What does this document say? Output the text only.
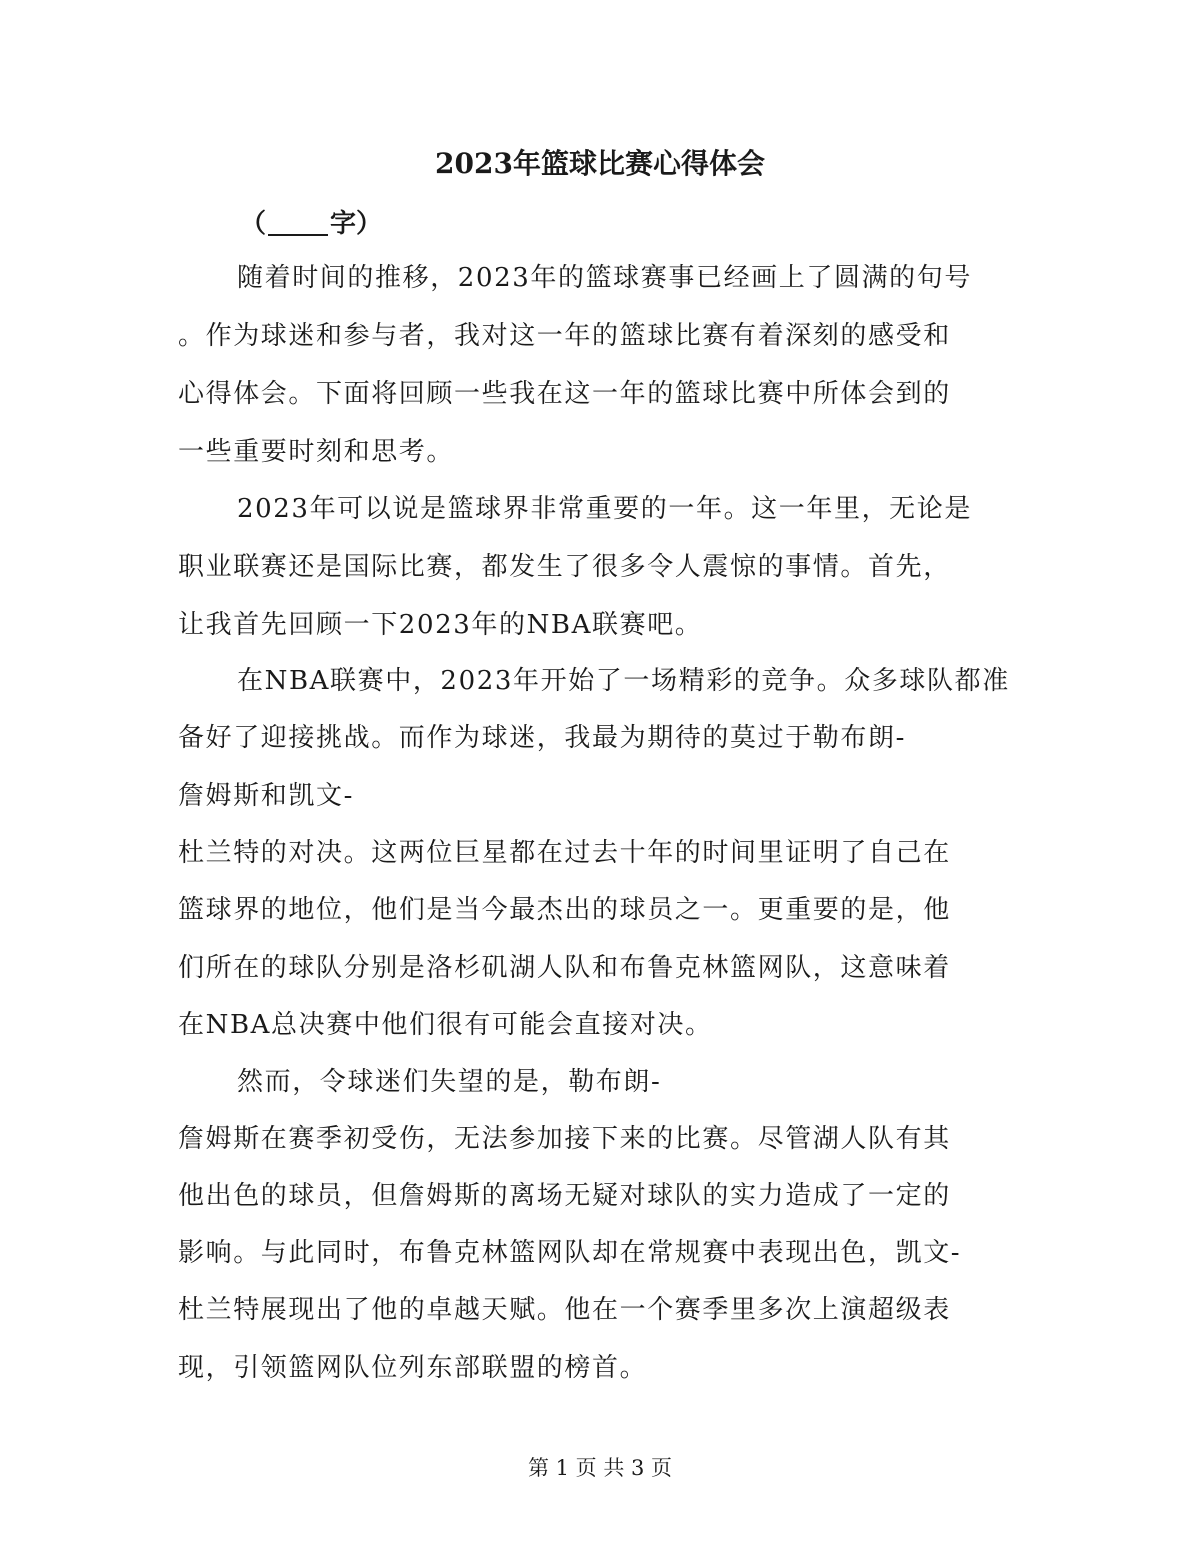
2023年篮球比赛心得体会
（ 字）

随着时间的推移，2023年的篮球赛事已经画上了圆满的句号

。作为球迷和参与者，我对这一年的篮球比赛有着深刻的感受和

心得体会。下面将回顾一些我在这一年的篮球比赛中所体会到的

一些重要时刻和思考。

2023年可以说是篮球界非常重要的一年。这一年里，无论是

职业联赛还是国际比赛，都发生了很多令人震惊的事情。首先，

让我首先回顾一下2023年的NBA联赛吧。

在NBA联赛中，2023年开始了一场精彩的竞争。众多球队都准

备好了迎接挑战。而作为球迷，我最为期待的莫过于勒布朗-

詹姆斯和凯文-

杜兰特的对决。这两位巨星都在过去十年的时间里证明了自己在

篮球界的地位，他们是当今最杰出的球员之一。更重要的是，他

们所在的球队分别是洛杉矶湖人队和布鲁克林篮网队，这意味着

在NBA总决赛中他们很有可能会直接对决。

然而，令球迷们失望的是，勒布朗-

詹姆斯在赛季初受伤，无法参加接下来的比赛。尽管湖人队有其

他出色的球员，但詹姆斯的离场无疑对球队的实力造成了一定的

影响。与此同时，布鲁克林篮网队却在常规赛中表现出色，凯文-

杜兰特展现出了他的卓越天赋。他在一个赛季里多次上演超级表

现，引领篮网队位列东部联盟的榜首。

第 1 页 共 3 页
